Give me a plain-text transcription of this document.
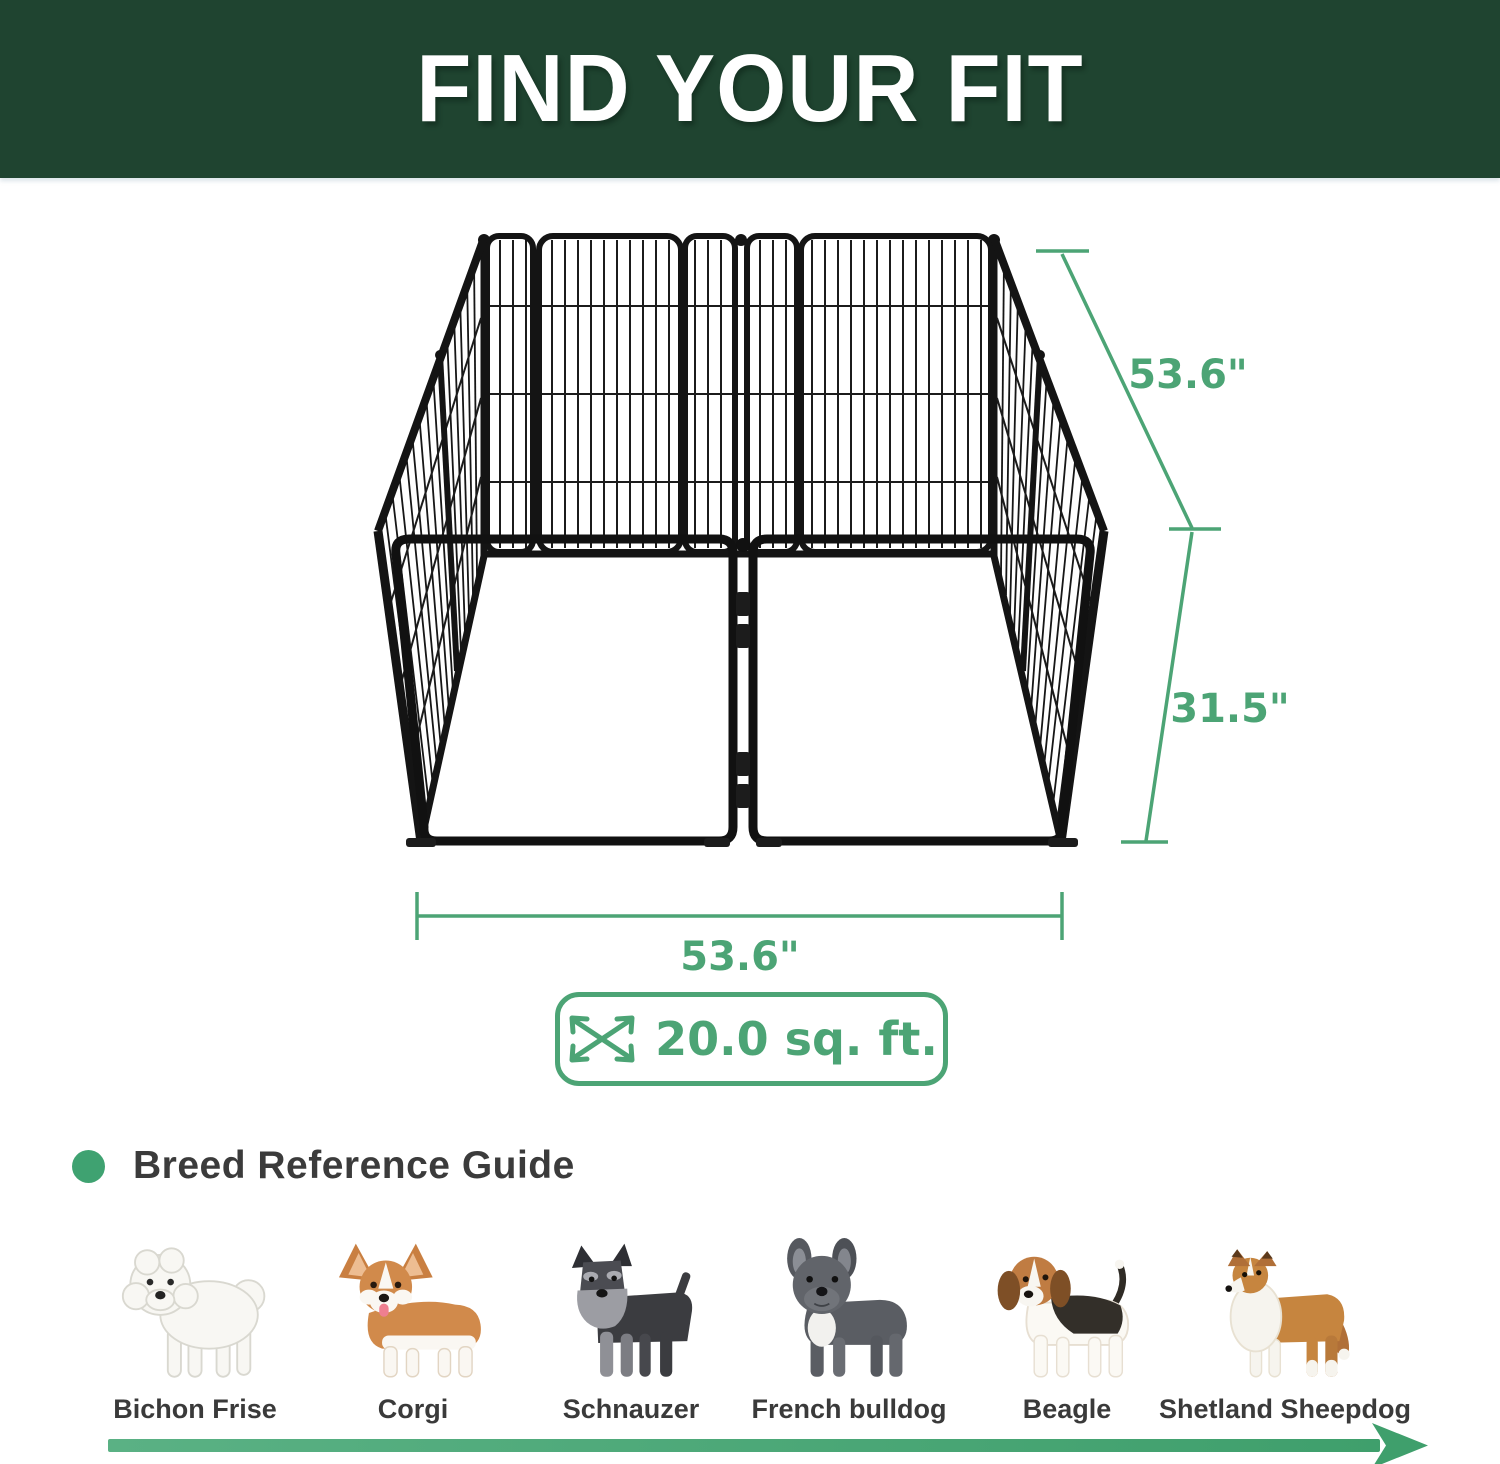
FIND YOUR FIT
53.6"
31.5"
53.6"
20.0 sq. ft.
Breed Reference Guide
Bichon Frise	Corgi	Schnauzer French bulldog	Beagle Shetland Sheepdog
